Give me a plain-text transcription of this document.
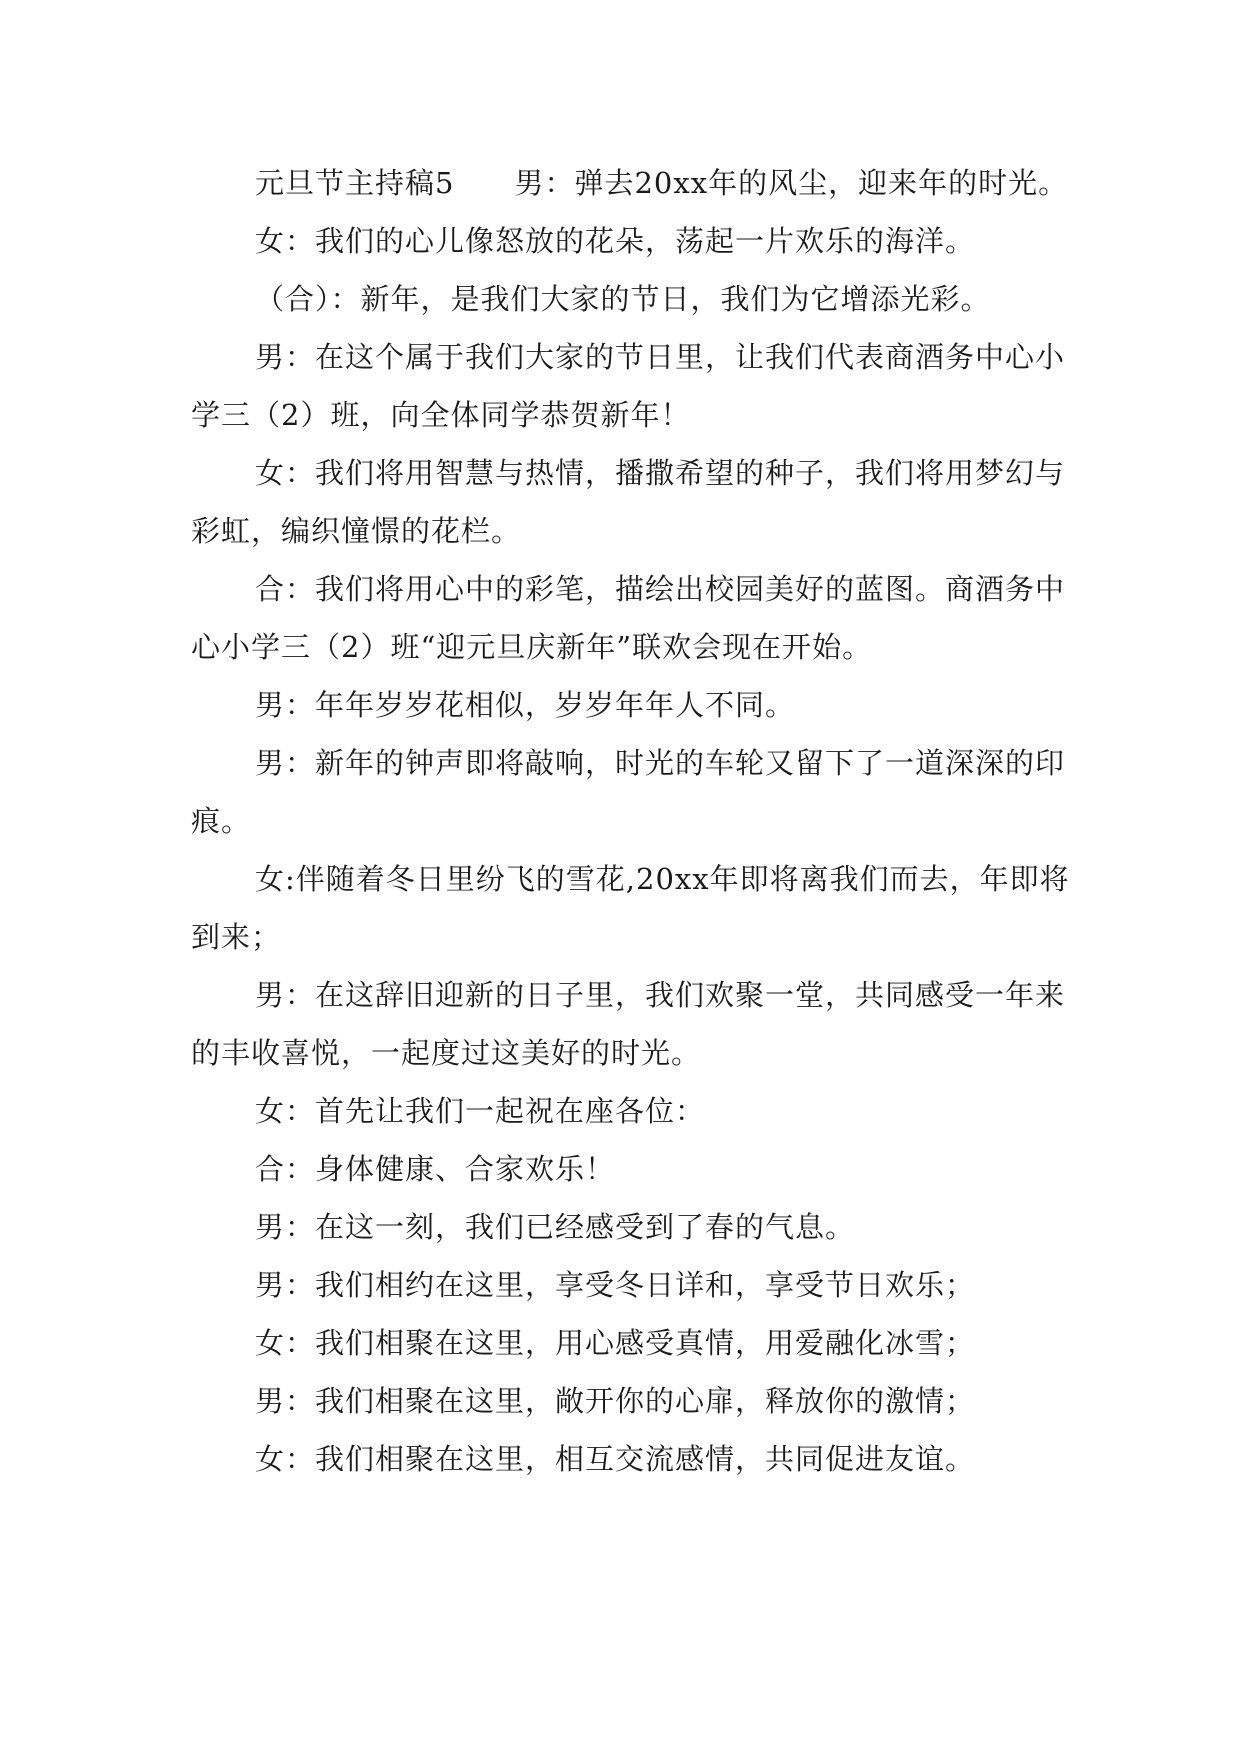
元旦节主持稿5　　男：弹去20xx年的风尘，迎来年的时光。

女：我们的心儿像怒放的花朵，荡起一片欢乐的海洋。

（合）：新年，是我们大家的节日，我们为它增添光彩。

男：在这个属于我们大家的节日里，让我们代表商酒务中心小学三（2）班，向全体同学恭贺新年！

女：我们将用智慧与热情，播撒希望的种子，我们将用梦幻与彩虹，编织憧憬的花栏。

合：我们将用心中的彩笔，描绘出校园美好的蓝图。商酒务中心小学三（2）班“迎元旦庆新年”联欢会现在开始。

男：年年岁岁花相似，岁岁年年人不同。

男：新年的钟声即将敲响，时光的车轮又留下了一道深深的印痕。

女:伴随着冬日里纷飞的雪花,20xx年即将离我们而去，年即将到来；

男：在这辞旧迎新的日子里，我们欢聚一堂，共同感受一年来的丰收喜悦，一起度过这美好的时光。

女：首先让我们一起祝在座各位：

合：身体健康、合家欢乐！

男：在这一刻，我们已经感受到了春的气息。

男：我们相约在这里，享受冬日详和，享受节日欢乐；

女：我们相聚在这里，用心感受真情，用爱融化冰雪；

男：我们相聚在这里，敞开你的心扉，释放你的激情；

女：我们相聚在这里，相互交流感情，共同促进友谊。
